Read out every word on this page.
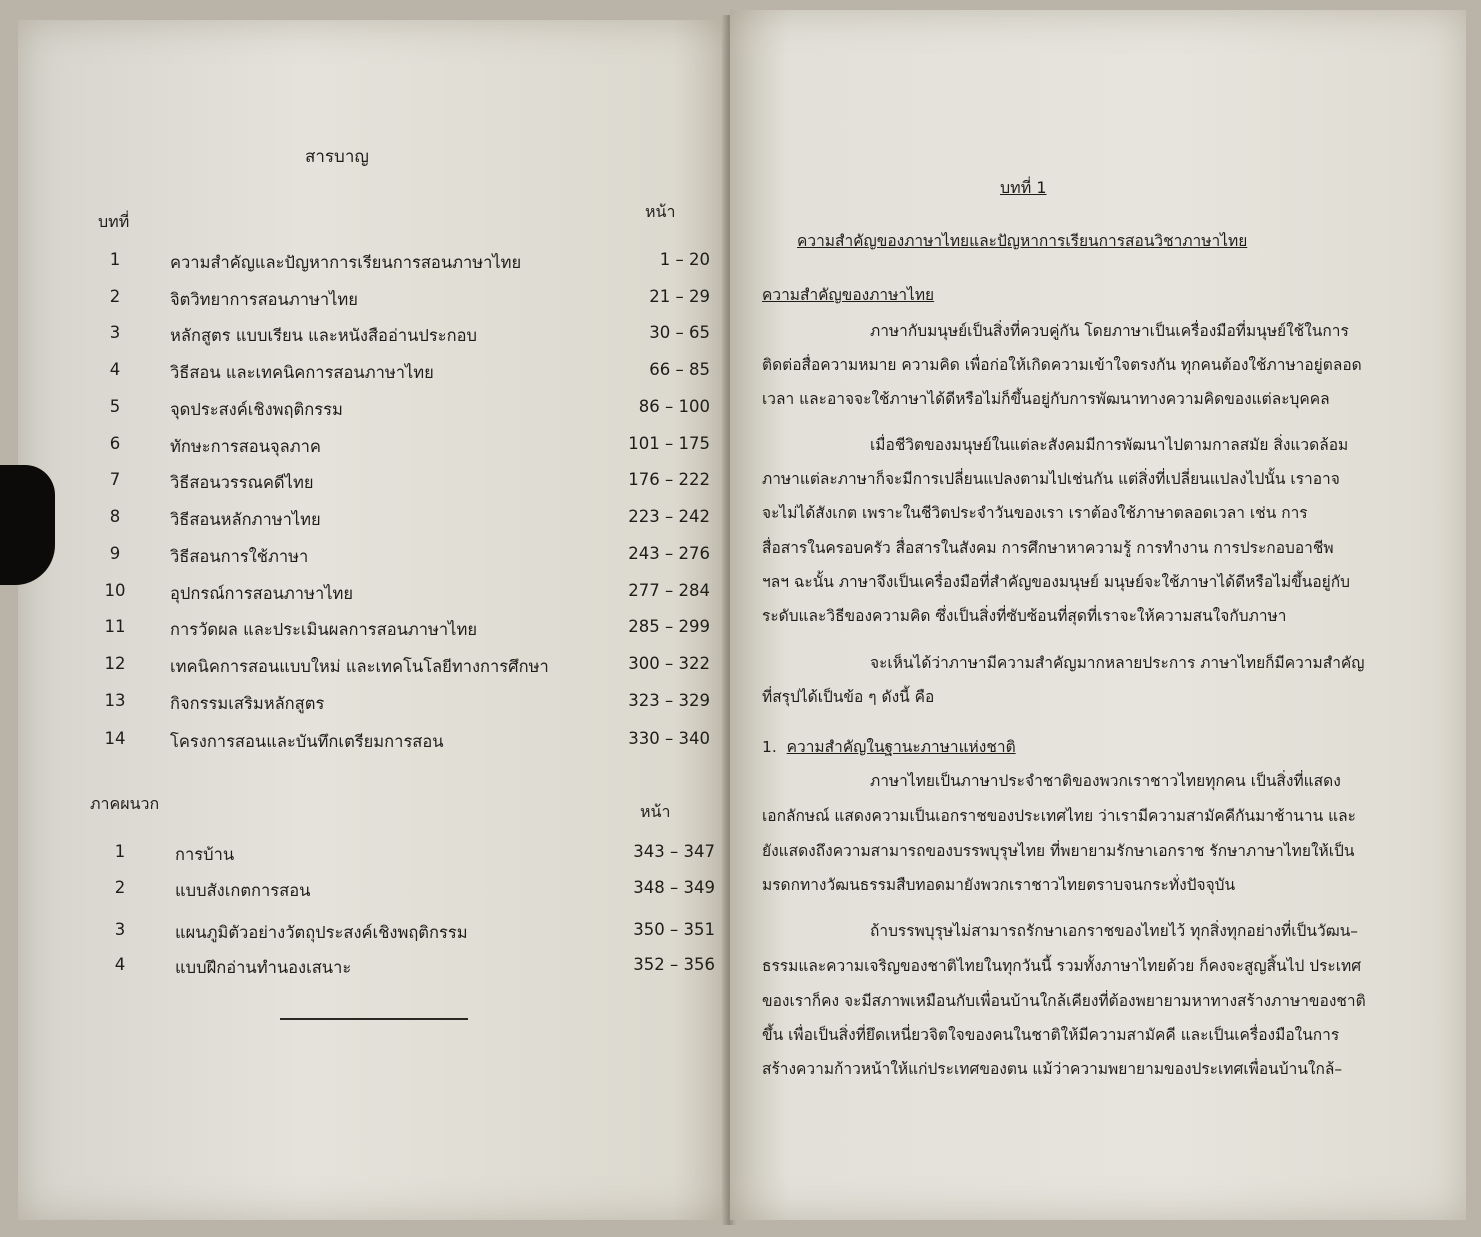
สารบาญ
บทที่
หน้า
1	ความสำคัญและปัญหาการเรียนการสอนภาษาไทย	1 – 20
2	จิตวิทยาการสอนภาษาไทย	21 – 29
3	หลักสูตร แบบเรียน และหนังสืออ่านประกอบ	30 – 65
4	วิธีสอน และเทคนิคการสอนภาษาไทย	66 – 85
5	จุดประสงค์เชิงพฤติกรรม	86 – 100
6	ทักษะการสอนจุลภาค	101 – 175
7	วิธีสอนวรรณคดีไทย	176 – 222
8	วิธีสอนหลักภาษาไทย	223 – 242
9	วิธีสอนการใช้ภาษา	243 – 276
10	อุปกรณ์การสอนภาษาไทย	277 – 284
11	การวัดผล และประเมินผลการสอนภาษาไทย	285 – 299
12	เทคนิคการสอนแบบใหม่ และเทคโนโลยีทางการศึกษา	300 – 322
13	กิจกรรมเสริมหลักสูตร	323 – 329
14	โครงการสอนและบันทึกเตรียมการสอน	330 – 340
ภาคผนวก	หน้า
1	การบ้าน	343 – 347
2	แบบสังเกตการสอน	348 – 349
3	แผนภูมิตัวอย่างวัตถุประสงค์เชิงพฤติกรรม	350 – 351
4	แบบฝึกอ่านทำนองเสนาะ	352 – 356
บทที่ 1
ความสำคัญของภาษาไทยและปัญหาการเรียนการสอนวิชาภาษาไทย
ความสำคัญของภาษาไทย
ภาษากับมนุษย์เป็นสิ่งที่ควบคู่กัน โดยภาษาเป็นเครื่องมือที่มนุษย์ใช้ในการ
ติดต่อสื่อความหมาย ความคิด เพื่อก่อให้เกิดความเข้าใจตรงกัน ทุกคนต้องใช้ภาษาอยู่ตลอด
เวลา และอาจจะใช้ภาษาได้ดีหรือไม่ก็ขึ้นอยู่กับการพัฒนาทางความคิดของแต่ละบุคคล
เมื่อชีวิตของมนุษย์ในแต่ละสังคมมีการพัฒนาไปตามกาลสมัย สิ่งแวดล้อม
ภาษาแต่ละภาษาก็จะมีการเปลี่ยนแปลงตามไปเช่นกัน แต่สิ่งที่เปลี่ยนแปลงไปนั้น เราอาจ
จะไม่ได้สังเกต เพราะในชีวิตประจำวันของเรา เราต้องใช้ภาษาตลอดเวลา เช่น การ
สื่อสารในครอบครัว สื่อสารในสังคม การศึกษาหาความรู้ การทำงาน การประกอบอาชีพ
ฯลฯ ฉะนั้น ภาษาจึงเป็นเครื่องมือที่สำคัญของมนุษย์ มนุษย์จะใช้ภาษาได้ดีหรือไม่ขึ้นอยู่กับ
ระดับและวิธีของความคิด ซึ่งเป็นสิ่งที่ซับซ้อนที่สุดที่เราจะให้ความสนใจกับภาษา
จะเห็นได้ว่าภาษามีความสำคัญมากหลายประการ ภาษาไทยก็มีความสำคัญ
ที่สรุปได้เป็นข้อ ๆ ดังนี้ คือ
1. ความสำคัญในฐานะภาษาแห่งชาติ
ภาษาไทยเป็นภาษาประจำชาติของพวกเราชาวไทยทุกคน เป็นสิ่งที่แสดง
เอกลักษณ์ แสดงความเป็นเอกราชของประเทศไทย ว่าเรามีความสามัคคีกันมาช้านาน และ
ยังแสดงถึงความสามารถของบรรพบุรุษไทย ที่พยายามรักษาเอกราช รักษาภาษาไทยให้เป็น
มรดกทางวัฒนธรรมสืบทอดมายังพวกเราชาวไทยตราบจนกระทั่งปัจจุบัน
ถ้าบรรพบุรุษไม่สามารถรักษาเอกราชของไทยไว้ ทุกสิ่งทุกอย่างที่เป็นวัฒน–
ธรรมและความเจริญของชาติไทยในทุกวันนี้ รวมทั้งภาษาไทยด้วย ก็คงจะสูญสิ้นไป ประเทศ
ของเราก็คง จะมีสภาพเหมือนกับเพื่อนบ้านใกล้เคียงที่ต้องพยายามหาทางสร้างภาษาของชาติ
ขึ้น เพื่อเป็นสิ่งที่ยึดเหนี่ยวจิตใจของคนในชาติให้มีความสามัคคี และเป็นเครื่องมือในการ
สร้างความก้าวหน้าให้แก่ประเทศของตน แม้ว่าความพยายามของประเทศเพื่อนบ้านใกล้–
